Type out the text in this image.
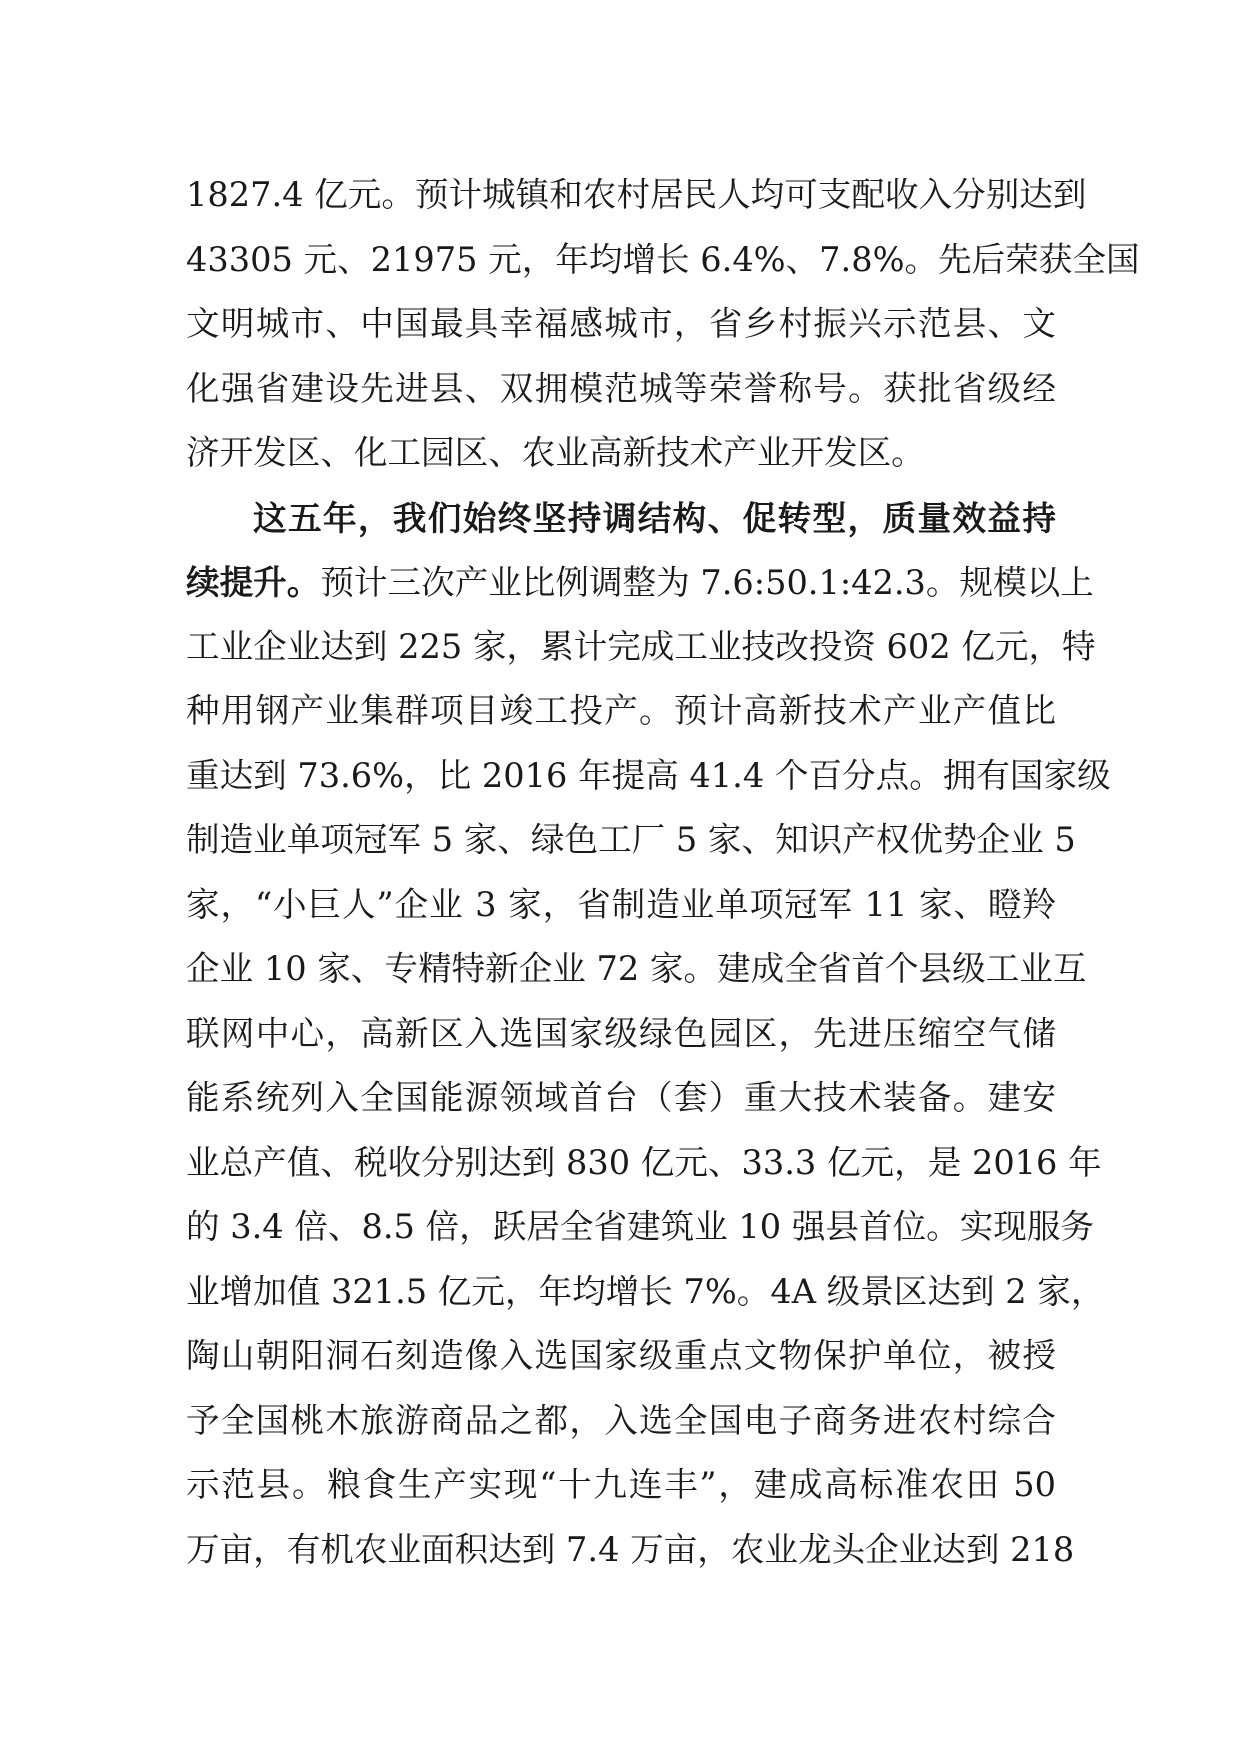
1827.4 亿元。预计城镇和农村居民人均可支配收入分别达到
43305 元、21975 元，年均增长 6.4%、7.8%。先后荣获全国
文明城市、中国最具幸福感城市，省乡村振兴示范县、文
化强省建设先进县、双拥模范城等荣誉称号。获批省级经
济开发区、化工园区、农业高新技术产业开发区。
这五年，我们始终坚持调结构、促转型，质量效益持
续提升。预计三次产业比例调整为 7.6:50.1:42.3。规模以上
工业企业达到 225 家，累计完成工业技改投资 602 亿元，特
种用钢产业集群项目竣工投产。预计高新技术产业产值比
重达到 73.6%，比 2016 年提高 41.4 个百分点。拥有国家级
制造业单项冠军 5 家、绿色工厂 5 家、知识产权优势企业 5
家，“小巨人”企业 3 家，省制造业单项冠军 11 家、瞪羚
企业 10 家、专精特新企业 72 家。建成全省首个县级工业互
联网中心，高新区入选国家级绿色园区，先进压缩空气储
能系统列入全国能源领域首台（套）重大技术装备。建安
业总产值、税收分别达到 830 亿元、33.3 亿元，是 2016 年
的 3.4 倍、8.5 倍，跃居全省建筑业 10 强县首位。实现服务
业增加值 321.5 亿元，年均增长 7%。4A 级景区达到 2 家，
陶山朝阳洞石刻造像入选国家级重点文物保护单位，被授
予全国桃木旅游商品之都，入选全国电子商务进农村综合
示范县。粮食生产实现“十九连丰”，建成高标准农田 50
万亩，有机农业面积达到 7.4 万亩，农业龙头企业达到 218
